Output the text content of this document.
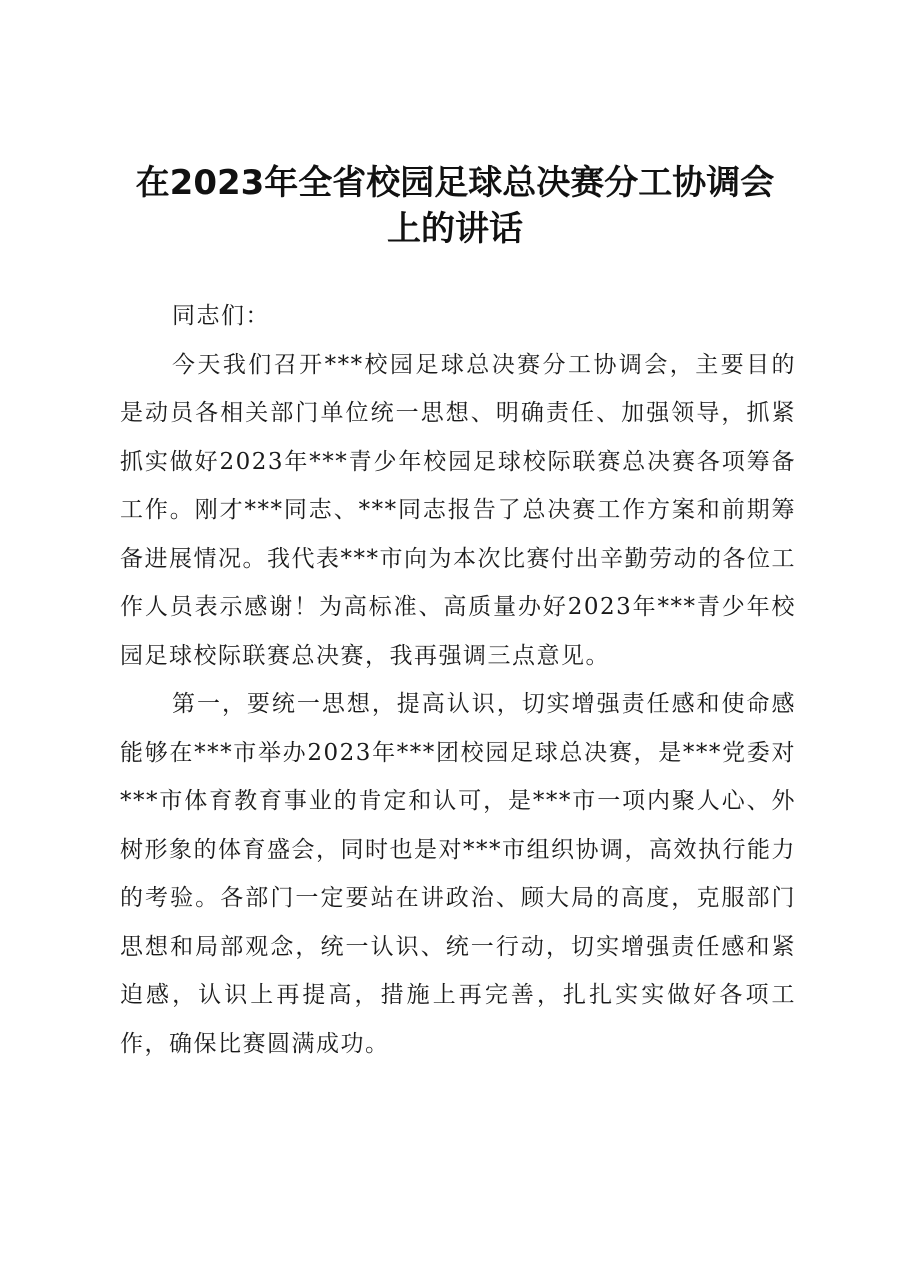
在2023年全省校园足球总决赛分工协调会上的讲话

同志们：

今天我们召开***校园足球总决赛分工协调会，主要目的是动员各相关部门单位统一思想、明确责任、加强领导，抓紧抓实做好2023年***青少年校园足球校际联赛总决赛各项筹备工作。刚才***同志、***同志报告了总决赛工作方案和前期筹备进展情况。我代表***市向为本次比赛付出辛勤劳动的各位工作人员表示感谢！为高标准、高质量办好2023年***青少年校园足球校际联赛总决赛，我再强调三点意见。

第一，要统一思想，提高认识，切实增强责任感和使命感能够在***市举办2023年***团校园足球总决赛，是***党委对***市体育教育事业的肯定和认可，是***市一项内聚人心、外树形象的体育盛会，同时也是对***市组织协调，高效执行能力的考验。各部门一定要站在讲政治、顾大局的高度，克服部门思想和局部观念，统一认识、统一行动，切实增强责任感和紧迫感，认识上再提高，措施上再完善，扎扎实实做好各项工作，确保比赛圆满成功。
